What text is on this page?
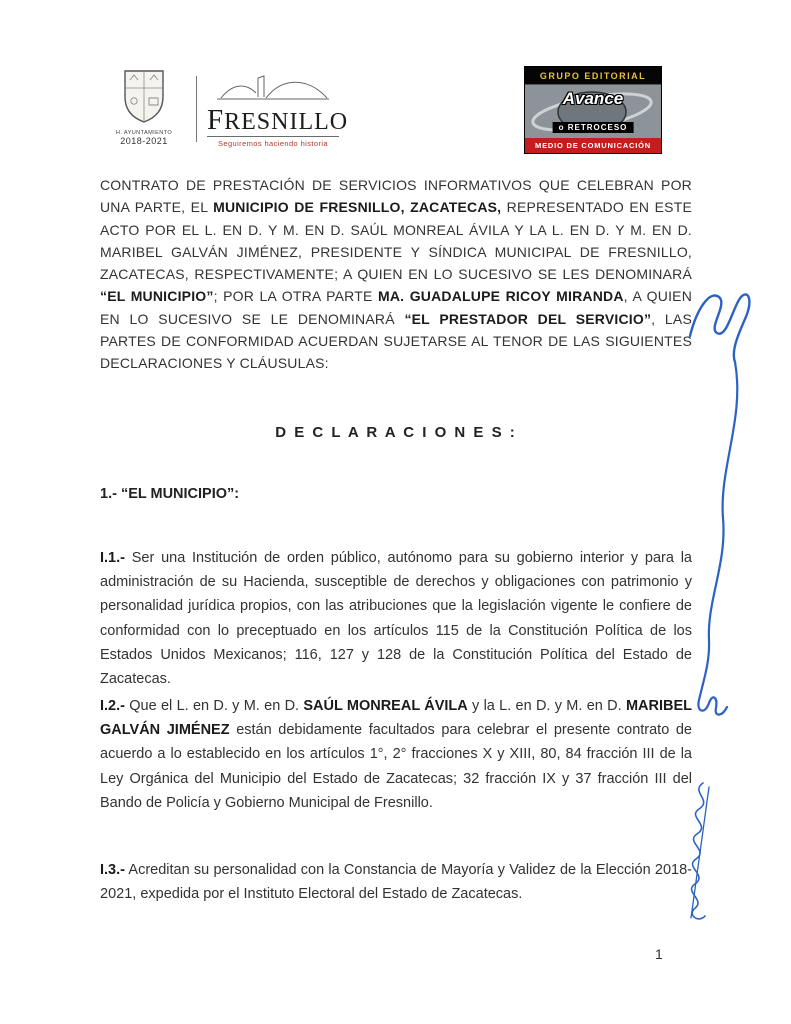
H. AYUNTAMIENTO
2018-2021
FRESNILLO
Seguiremos haciendo historia
GRUPO EDITORIAL
Avance
o RETROCESO
MEDIO DE COMUNICACIÓN

CONTRATO DE PRESTACIÓN DE SERVICIOS INFORMATIVOS QUE CELEBRAN POR UNA PARTE, EL MUNICIPIO DE FRESNILLO, ZACATECAS, REPRESENTADO EN ESTE ACTO POR EL L. EN D. Y M. EN D. SAÚL MONREAL ÁVILA Y LA L. EN D. Y M. EN D. MARIBEL GALVÁN JIMÉNEZ, PRESIDENTE Y SÍNDICA MUNICIPAL DE FRESNILLO, ZACATECAS, RESPECTIVAMENTE; A QUIEN EN LO SUCESIVO SE LES DENOMINARÁ “EL MUNICIPIO”; POR LA OTRA PARTE MA. GUADALUPE RICOY MIRANDA, A QUIEN EN LO SUCESIVO SE LE DENOMINARÁ “EL PRESTADOR DEL SERVICIO”, LAS PARTES DE CONFORMIDAD ACUERDAN SUJETARSE AL TENOR DE LAS SIGUIENTES DECLARACIONES Y CLÁUSULAS:

D E C L A R A C I O N E S :
1.- “EL MUNICIPIO”:

I.1.- Ser una Institución de orden público, autónomo para su gobierno interior y para la administración de su Hacienda, susceptible de derechos y obligaciones con patrimonio y personalidad jurídica propios, con las atribuciones que la legislación vigente le confiere de conformidad con lo preceptuado en los artículos 115 de la Constitución Política de los Estados Unidos Mexicanos; 116, 127 y 128 de la Constitución Política del Estado de Zacatecas.

I.2.- Que el L. en D. y M. en D. SAÚL MONREAL ÁVILA y la L. en D. y M. en D. MARIBEL GALVÁN JIMÉNEZ están debidamente facultados para celebrar el presente contrato de acuerdo a lo establecido en los artículos 1°, 2° fracciones X y XIII, 80, 84 fracción III de la Ley Orgánica del Municipio del Estado de Zacatecas; 32 fracción IX y 37 fracción III del Bando de Policía y Gobierno Municipal de Fresnillo.

I.3.- Acreditan su personalidad con la Constancia de Mayoría y Validez de la Elección 2018-2021, expedida por el Instituto Electoral del Estado de Zacatecas.

1
